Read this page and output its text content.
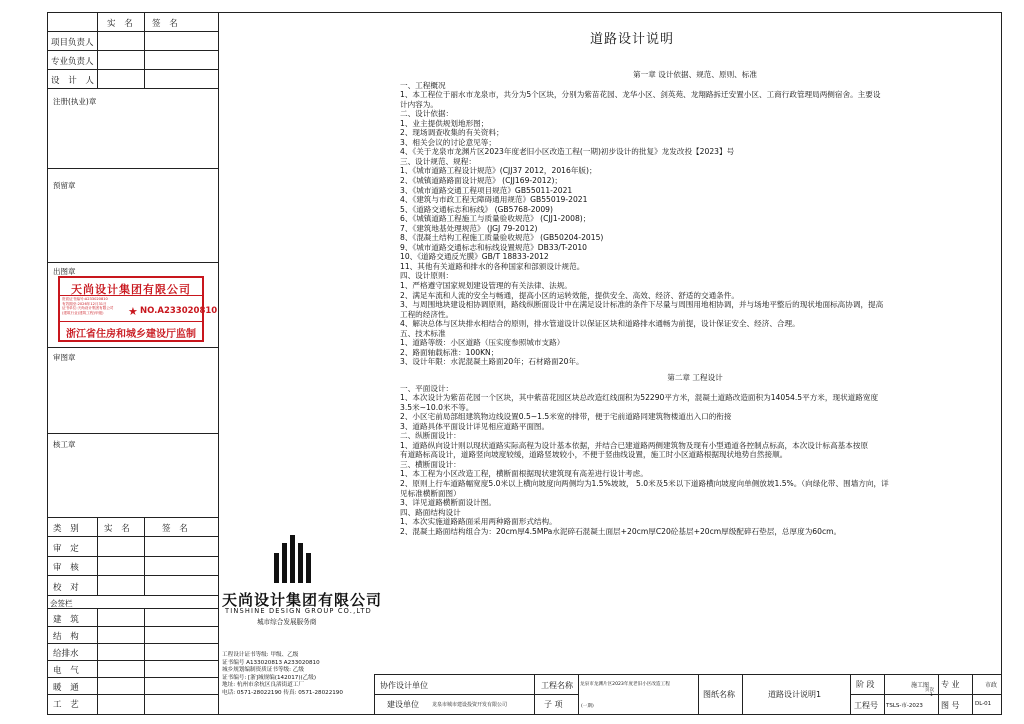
实 名 签 名
项目负责人
专业负责人
设 计 人
注册(执业)章
预留章
出图章
天尚设计集团有限公司
资质证书编号:A233020810
有效期至:2026年12月31日
证书单位:天尚设计集团有限公司
(建筑行业(建筑工程)甲级)	★ NO.A233020810
浙江省住房和城乡建设厅监制
审图章
核工章
类 别	实 名	签 名
审 定
审 核
校 对
会签栏
建 筑
结 构
给排水
电 气
暖 通
工 艺
天尚设计集团有限公司
TINSHINE DESIGN GROUP CO.,LTD
城市综合发展服务商
工程设计证书等级: 甲级、乙级
证书编号 A133020813 A233020810
城乡规划编制资质证书等级: 乙级
证书编号: [浙]城规编(142017)(乙级)
地址: 杭州市余杭区良渚街道工厂
电话: 0571-28022190 传真: 0571-28022190
道路设计说明
第一章 设计依据、规范、原则、标准
一、工程概况
1、本工程位于丽水市龙泉市，共分为5个区块，分别为紫苗花园、龙华小区、剑英苑、龙翔路拆迁安置小区、工商行政管理局两侧宿舍。主要设
计内容为。
二、设计依据：
1、业主提供规划地形图；
2、现场调查收集的有关资料；
3、相关会议的讨论意见等；
4、《关于龙泉市龙渊片区2023年度老旧小区改造工程(一期)初步设计的批复》龙发改投【2023】号
三、设计规范、规程：
1、《城市道路工程设计规范》(CJJ37 2012，2016年版)；
2、《城镇道路路面设计规范》 (CJJ169-2012)；
3、《城市道路交通工程项目规范》GB55011-2021
4、《建筑与市政工程无障碍通用规范》GB55019-2021
5、《道路交通标志和标线》 (GB5768-2009)
6、《城镇道路工程施工与质量验收规范》 (CJJ1-2008)；
7、《建筑地基处理规范》 (JGJ 79-2012)
8、《混凝土结构工程施工质量验收规范》 (GB50204-2015)
9、《城市道路交通标志和标线设置规范》DB33/T-2010
10、《道路交通反光膜》GB/T 18833-2012
11、其他有关道路和排水的各种国家和部颁设计规范。
四、设计原则：
1、严格遵守国家规划建设管理的有关法律、法规。
2、满足车流和人流的安全与畅通，提高小区的运转效能，提供安全、高效、经济、舒适的交通条件。
3、与周围地块建设相协调原则，路线纵断面设计中在满足设计标准的条件下尽量与周围用地相协调，并与场地平整后的现状地面标高协调，提高
工程的经济性。
4、解决总体与区块排水相结合的原则，排水管道设计以保证区块和道路排水通畅为前提，设计保证安全、经济、合理。
五、技术标准
1、道路等级：小区道路（压实度参照城市支路）
2、路面轴载标准：100KN；
3、设计年限：水泥混凝土路面20年；石材路面20年。
第二章 工程设计
一、平面设计：
1、本次设计为紫苗花园一个区块，其中紫苗花园区块总改造红线面积为52290平方米，混凝土道路改造面积为14054.5平方米，现状道路宽度
3.5米~10.0米不等。
2、小区宅前局部组建筑物边线设置0.5~1.5米宽的排带，便于宅前道路同建筑物楼道出入口的衔接
3、道路具体平面设计详见相应道路平面图。
二、纵断面设计：
1、道路纵向设计则以现状道路实际高程为设计基本依据，并结合已建道路两侧建筑物及现有小型通道各控制点标高，本次设计标高基本按原
有道路标高设计，道路竖向坡度较缓，道路竖坡较小，不便于竖曲线设置，施工时小区道路根据现状地势自然接顺。
三、横断面设计：
1、本工程为小区改造工程，横断面根据现状建筑现有高差进行设计考虑。
2、原则上行车道路幅宽度5.0米以上横向坡度向两侧均为1.5%坡坡， 5.0米及5米以下道路横向坡度向单侧放坡1.5%。（向绿化带、围墙方向，详
见标准横断面图）
3、详见道路横断面设计图。
四、路面结构设计
1、本次实施道路路面采用两种路面形式结构。
2、混凝土路面结构组合为：20cm厚4.5MPa水泥碎石混凝土面层+20cm厚C20砼基层+20cm厚级配碎石垫层，总厚度为60cm。
协作设计单位
建设单位	龙泉市城市建设投资开发有限公司
工程名称 龙泉市龙渊片区2023年度老旧小区改造工程
(一期)
子 项
图纸名称	道路设计说明1
阶 段	施工图 专 业	市政
工程号 TSLS-市-2023 图 号	DL-01
页次
1
